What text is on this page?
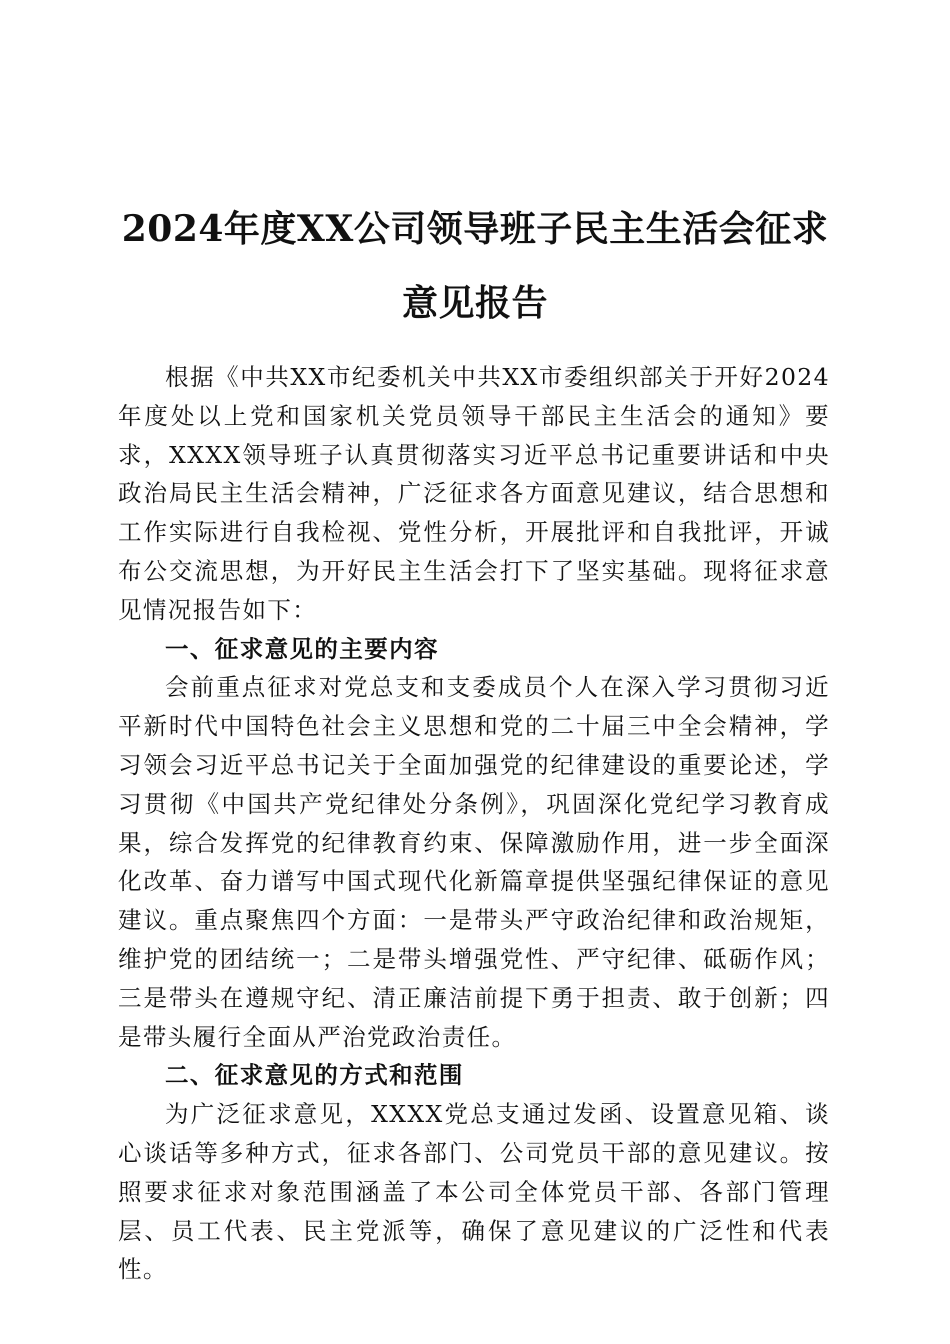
2024年度XX公司领导班子民主生活会征求意见报告

根据《中共XX市纪委机关中共XX市委组织部关于开好2024年度处以上党和国家机关党员领导干部民主生活会的通知》要求，XXXX领导班子认真贯彻落实习近平总书记重要讲话和中央政治局民主生活会精神，广泛征求各方面意见建议，结合思想和工作实际进行自我检视、党性分析，开展批评和自我批评，开诚布公交流思想，为开好民主生活会打下了坚实基础。现将征求意见情况报告如下：

一、征求意见的主要内容

会前重点征求对党总支和支委成员个人在深入学习贯彻习近平新时代中国特色社会主义思想和党的二十届三中全会精神，学习领会习近平总书记关于全面加强党的纪律建设的重要论述，学习贯彻《中国共产党纪律处分条例》，巩固深化党纪学习教育成果，综合发挥党的纪律教育约束、保障激励作用，进一步全面深化改革、奋力谱写中国式现代化新篇章提供坚强纪律保证的意见建议。重点聚焦四个方面：一是带头严守政治纪律和政治规矩，维护党的团结统一；二是带头增强党性、严守纪律、砥砺作风；三是带头在遵规守纪、清正廉洁前提下勇于担责、敢于创新；四是带头履行全面从严治党政治责任。

二、征求意见的方式和范围

为广泛征求意见，XXXX党总支通过发函、设置意见箱、谈心谈话等多种方式，征求各部门、公司党员干部的意见建议。按照要求征求对象范围涵盖了本公司全体党员干部、各部门管理层、员工代表、民主党派等，确保了意见建议的广泛性和代表性。
